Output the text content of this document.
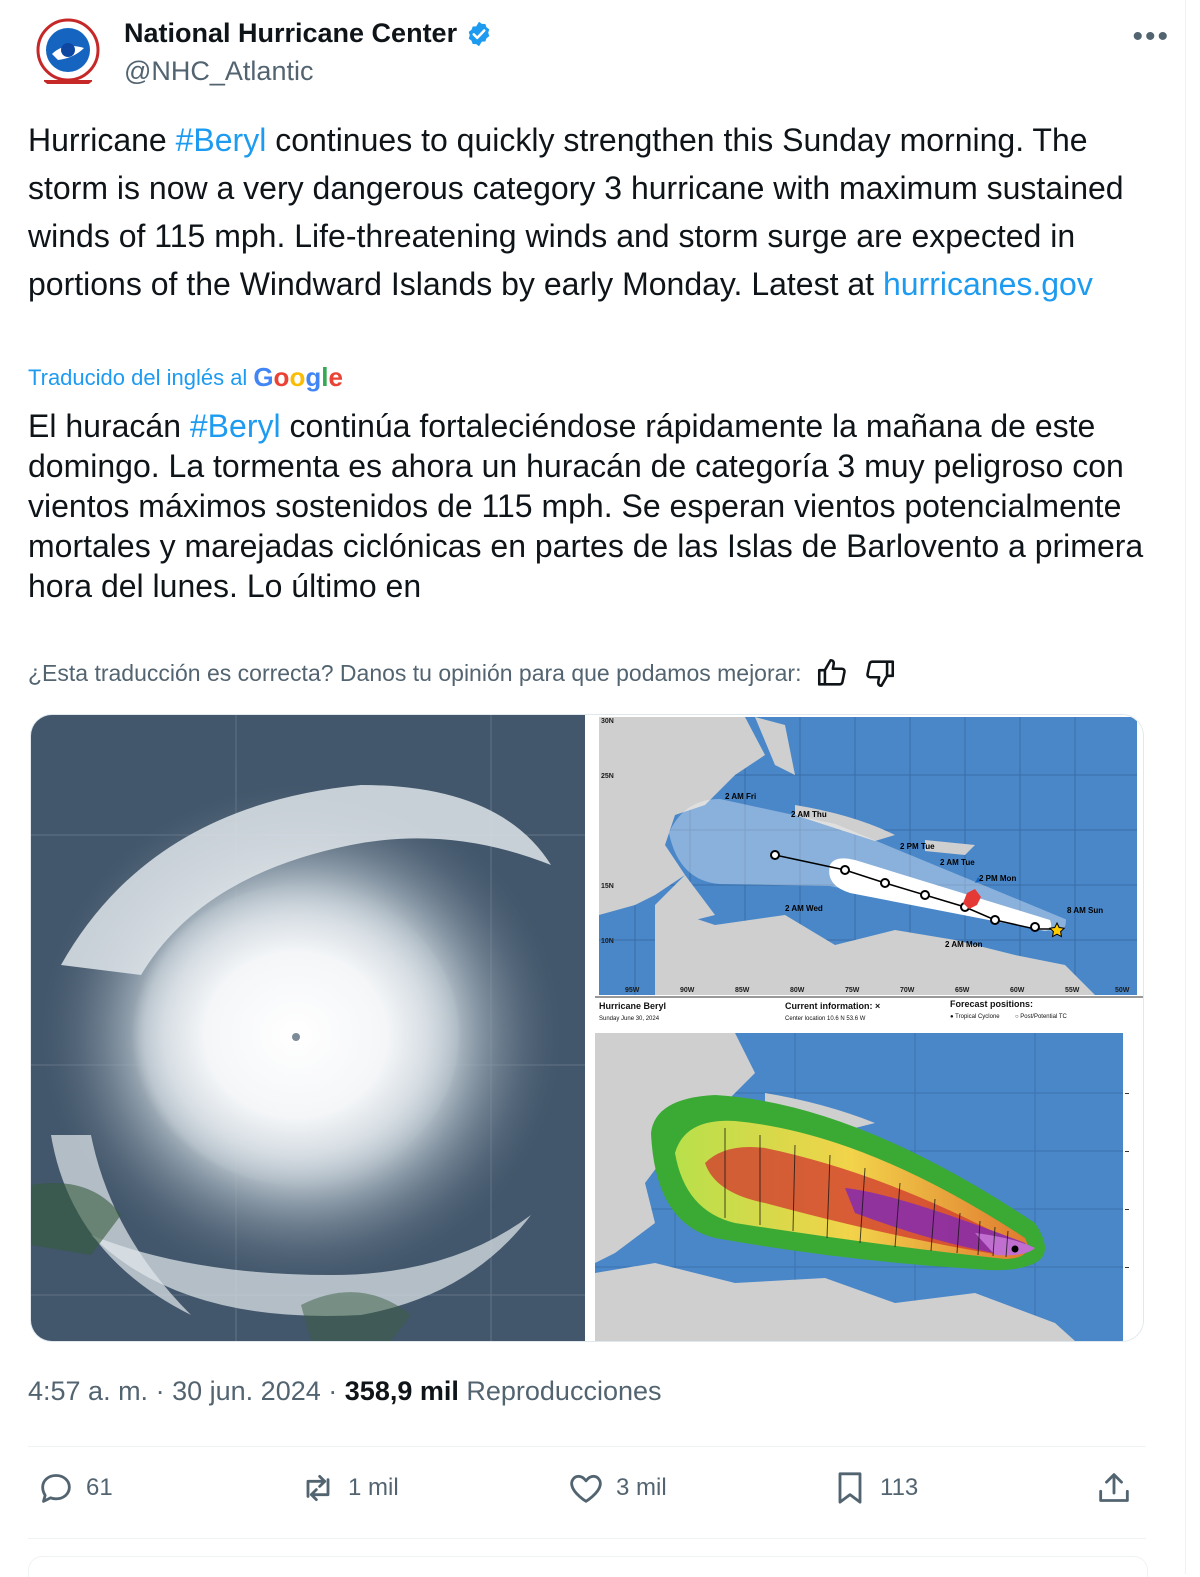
National Hurricane Center
@NHC_Atlantic
•••
Hurricane #Beryl continues to quickly strengthen this Sunday morning. The storm is now a very dangerous category 3 hurricane with maximum sustained winds of 115 mph. Life-threatening winds and storm surge are expected in portions of the Windward Islands by early Monday. Latest at hurricanes.gov
Traducido del inglés al Google
El huracán #Beryl continúa fortaleciéndose rápidamente la mañana de este domingo. La tormenta es ahora un huracán de categoría 3 muy peligroso con vientos máximos sostenidos de 115 mph. Se esperan vientos potencialmente mortales y marejadas ciclónicas en partes de las Islas de Barlovento a primera hora del lunes. Lo último en
¿Esta traducción es correcta? Danos tu opinión para que podamos mejorar:
25N
15N
10N
30N
95W	90W	85W	80W	75W	70W	65W	60W	55W	50W
2 AM Fri
2 AM Thu
2 PM Tue
2 AM Tue
2 PM Mon
8 AM Sun
2 AM Wed
2 AM Mon
Hurricane Beryl
Sunday June 30, 2024
Current information: ×
Center location 10.6 N 53.6 W
Forecast positions:
● Tropical Cyclone	○ Post/Potential TC
4:57 a. m. · 30 jun. 2024 · 358,9 mil Reproducciones
61	1 mil	3 mil	113
